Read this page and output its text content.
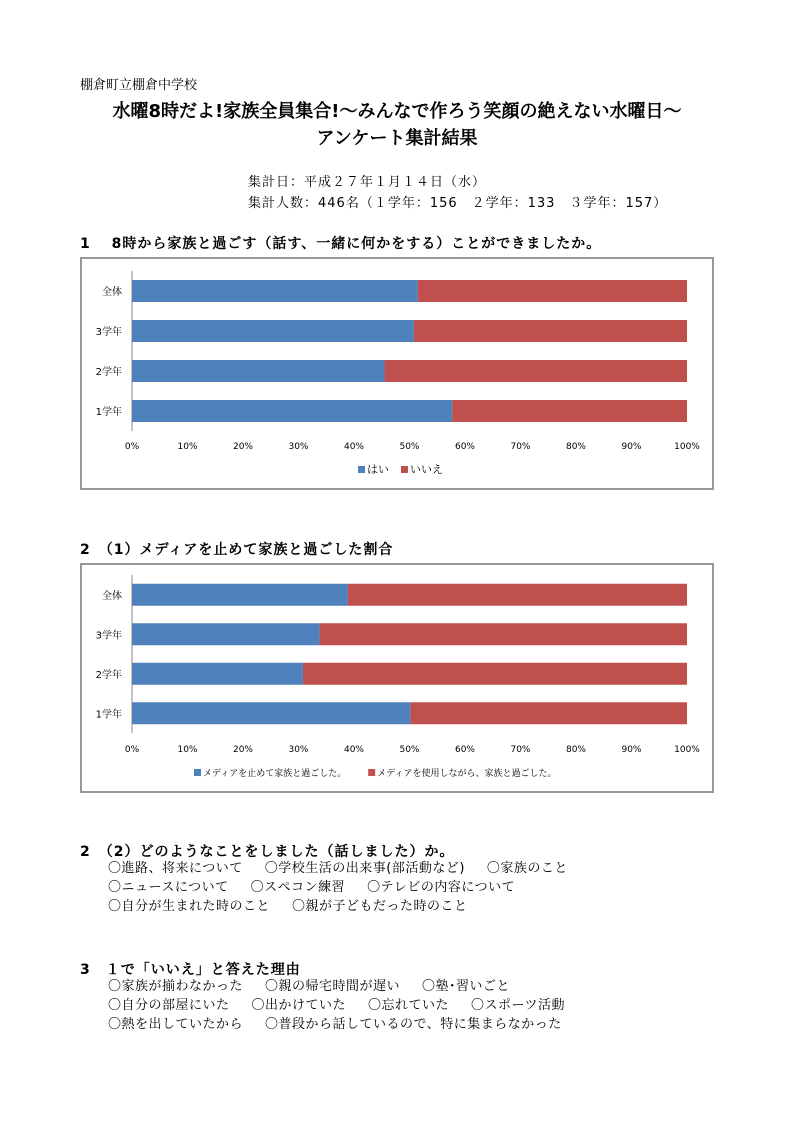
棚倉町立棚倉中学校
水曜8時だよ!家族全員集合!～みんなで作ろう笑顔の絶えない水曜日～
アンケート集計結果
集計日：平成２７年１月１４日（水）
集計人数：446名（１学年：156　２学年：133　３学年：157）
1　 8時から家族と過ごす（話す、一緒に何かをする）ことができましたか。
全体
3学年
2学年
1学年
0%	10%	20%	30%	40%	50%	60%	70%	80%	90%	100%
はい いいえ
2　（1）メディアを止めて家族と過ごした割合
全体
3学年
2学年
1学年
0%	10%	20%	30%	40%	50%	60%	70%	80%	90%	100%
メディアを止めて家族と過ごした。	メディアを使用しながら、家族と過ごした。
2　（2）どのようなことをしました（話しました）か。
〇進路、将来について 〇学校生活の出来事(部活動など) 〇家族のこと
〇ニュースについて 〇スペコン練習 〇テレビの内容について
〇自分が生まれた時のこと 〇親が子どもだった時のこと
3　１で「いいえ」と答えた理由
〇家族が揃わなかった 〇親の帰宅時間が遅い 〇塾･習いごと
〇自分の部屋にいた 〇出かけていた 〇忘れていた 〇スポーツ活動
〇熱を出していたから 〇普段から話しているので、特に集まらなかった
